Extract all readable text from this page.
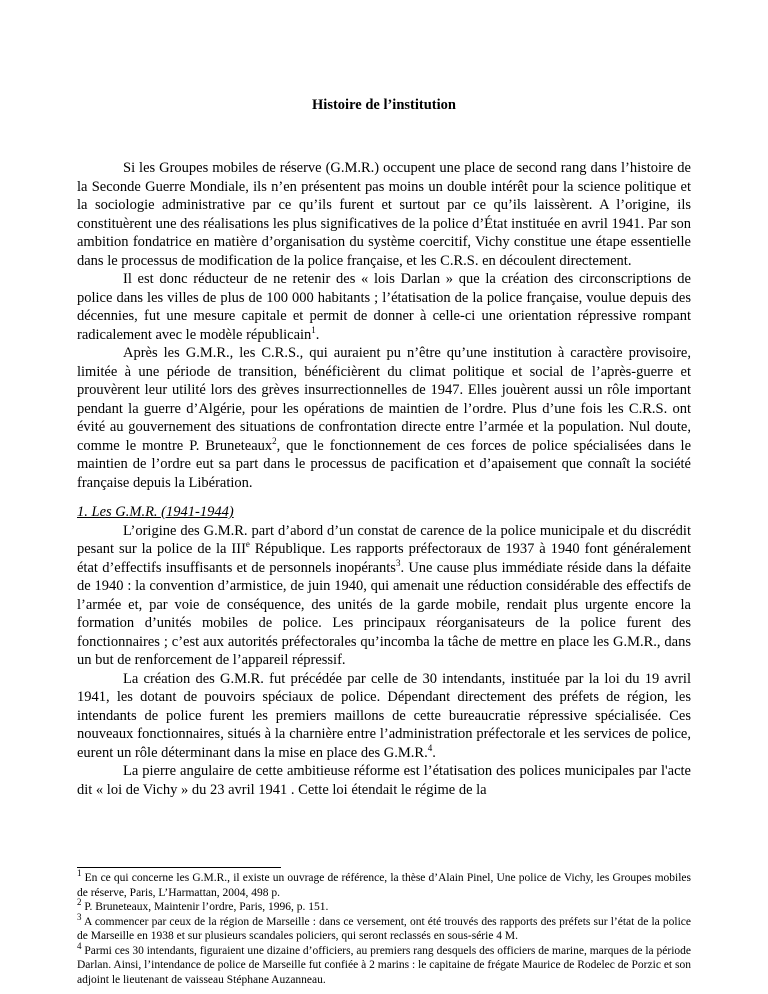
Histoire de l’institution

Si les Groupes mobiles de réserve (G.M.R.) occupent une place de second rang dans l’histoire de la Seconde Guerre Mondiale, ils n’en présentent pas moins un double intérêt pour la science politique et la sociologie administrative par ce qu’ils furent et surtout par ce qu’ils laissèrent. A l’origine, ils constituèrent une des réalisations les plus significatives de la police d’État instituée en avril 1941. Par son ambition fondatrice en matière d’organisation du système coercitif, Vichy constitue une étape essentielle dans le processus de modification de la police française, et les C.R.S. en découlent directement.

Il est donc réducteur de ne retenir des « lois Darlan » que la création des circonscriptions de police dans les villes de plus de 100 000 habitants ; l’étatisation de la police française, voulue depuis des décennies, fut une mesure capitale et permit de donner à celle-ci une orientation répressive rompant radicalement avec le modèle républicain$^1$.

Après les G.M.R., les C.R.S., qui auraient pu n’être qu’une institution à caractère provisoire, limitée à une période de transition, bénéficièrent du climat politique et social de l’après-guerre et prouvèrent leur utilité lors des grèves insurrectionnelles de 1947. Elles jouèrent aussi un rôle important pendant la guerre d’Algérie, pour les opérations de maintien de l’ordre. Plus d’une fois les C.R.S. ont évité au gouvernement des situations de confrontation directe entre l’armée et la population. Nul doute, comme le montre P. Bruneteaux$^2$, que le fonctionnement de ces forces de police spécialisées dans le maintien de l’ordre eut sa part dans le processus de pacification et d’apaisement que connaît la société française depuis la Libération.

1. Les G.M.R. (1941-1944)

L’origine des G.M.R. part d’abord d’un constat de carence de la police municipale et du discrédit pesant sur la police de la IIIe République. Les rapports préfectoraux de 1937 à 1940 font généralement état d’effectifs insuffisants et de personnels inopérants$^3$. Une cause plus immédiate réside dans la défaite de 1940 : la convention d’armistice, de juin 1940, qui amenait une réduction considérable des effectifs de l’armée et, par voie de conséquence, des unités de la garde mobile, rendait plus urgente encore la formation d’unités mobiles de police. Les principaux réorganisateurs de la police furent des fonctionnaires ; c’est aux autorités préfectorales qu’incomba la tâche de mettre en place les G.M.R., dans un but de renforcement de l’appareil répressif.

La création des G.M.R. fut précédée par celle de 30 intendants, instituée par la loi du 19 avril 1941, les dotant de pouvoirs spéciaux de police. Dépendant directement des préfets de région, les intendants de police furent les premiers maillons de cette bureaucratie répressive spécialisée. Ces nouveaux fonctionnaires, situés à la charnière entre l’administration préfectorale et les services de police, eurent un rôle déterminant dans la mise en place des G.M.R.$^4$.

La pierre angulaire de cette ambitieuse réforme est l’étatisation des polices municipales par l'acte dit « loi de Vichy » du 23 avril 1941 . Cette loi étendait le régime de la

$^1$ En ce qui concerne les G.M.R., il existe un ouvrage de référence, la thèse d’Alain Pinel, Une police de Vichy, les Groupes mobiles de réserve, Paris, L’Harmattan, 2004, 498 p.
$^2$ P. Bruneteaux, Maintenir l’ordre, Paris, 1996, p. 151.
$^3$ A commencer par ceux de la région de Marseille : dans ce versement, ont été trouvés des rapports des préfets sur l’état de la police de Marseille en 1938 et sur plusieurs scandales policiers, qui seront reclassés en sous-série 4 M.
$^4$ Parmi ces 30 intendants, figuraient une dizaine d’officiers, au premiers rang desquels des officiers de marine, marques de la période Darlan. Ainsi, l’intendance de police de Marseille fut confiée à 2 marins : le capitaine de frégate Maurice de Rodelec de Porzic et son adjoint le lieutenant de vaisseau Stéphane Auzanneau.
